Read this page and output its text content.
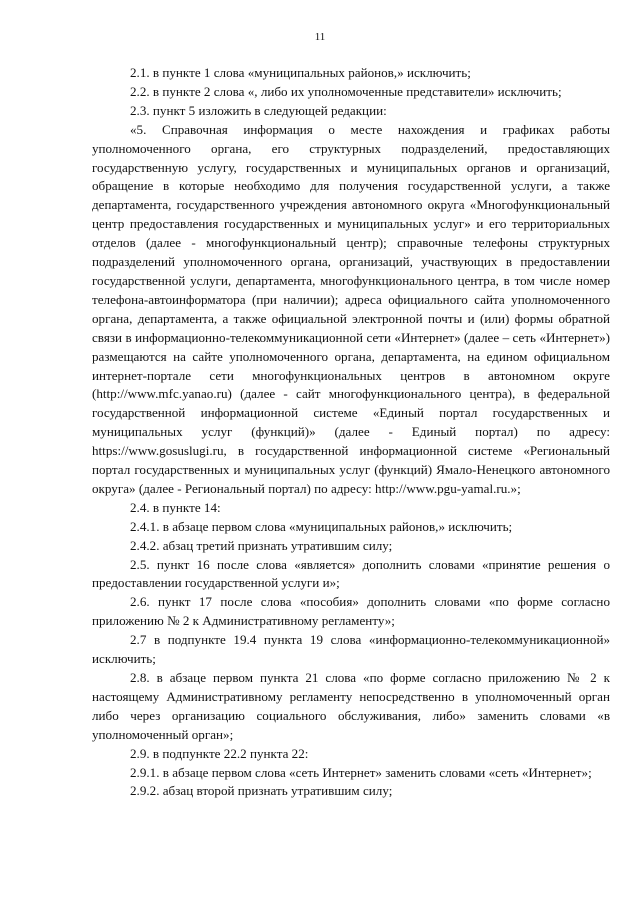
11

2.1. в пункте 1 слова «муниципальных районов,» исключить;

2.2. в пункте 2 слова «, либо их уполномоченные представители» исключить;

2.3. пункт 5 изложить в следующей редакции:

«5. Справочная информация о месте нахождения и графиках работы уполномоченного органа, его структурных подразделений, предоставляющих государственную услугу, государственных и муниципальных органов и организаций, обращение в которые необходимо для получения государственной услуги, а также департамента, государственного учреждения автономного округа «Многофункциональный центр предоставления государственных и муниципальных услуг» и его территориальных отделов (далее - многофункциональный центр); справочные телефоны структурных подразделений уполномоченного органа, организаций, участвующих в предоставлении государственной услуги, департамента, многофункционального центра, в том числе номер телефона-автоинформатора (при наличии); адреса официального сайта уполномоченного органа, департамента, а также официальной электронной почты и (или) формы обратной связи в информационно-телекоммуникационной сети «Интернет» (далее – сеть «Интернет») размещаются на сайте уполномоченного органа, департамента, на едином официальном интернет-портале сети многофункциональных центров в автономном округе (http://www.mfc.yanao.ru) (далее - сайт многофункционального центра), в федеральной государственной информационной системе «Единый портал государственных и муниципальных услуг (функций)» (далее - Единый портал) по адресу: https://www.gosuslugi.ru, в государственной информационной системе «Региональный портал государственных и муниципальных услуг (функций) Ямало-Ненецкого автономного округа» (далее - Региональный портал) по адресу: http://www.pgu-yamal.ru.»;

2.4. в пункте 14:

2.4.1. в абзаце первом слова «муниципальных районов,» исключить;

2.4.2. абзац третий признать утратившим силу;

2.5. пункт 16 после слова «является» дополнить словами «принятие решения о предоставлении государственной услуги и»;

2.6. пункт 17 после слова «пособия» дополнить словами «по форме согласно приложению № 2 к Административному регламенту»;

2.7 в подпункте 19.4 пункта 19 слова «информационно-телекоммуникационной» исключить;

2.8. в абзаце первом пункта 21 слова «по форме согласно приложению № 2 к настоящему Административному регламенту непосредственно в уполномоченный орган либо через организацию социального обслуживания, либо» заменить словами «в уполномоченный орган»;

2.9. в подпункте 22.2 пункта 22:

2.9.1. в абзаце первом слова «сеть Интернет» заменить словами «сеть «Интернет»;

2.9.2. абзац второй признать утратившим силу;
